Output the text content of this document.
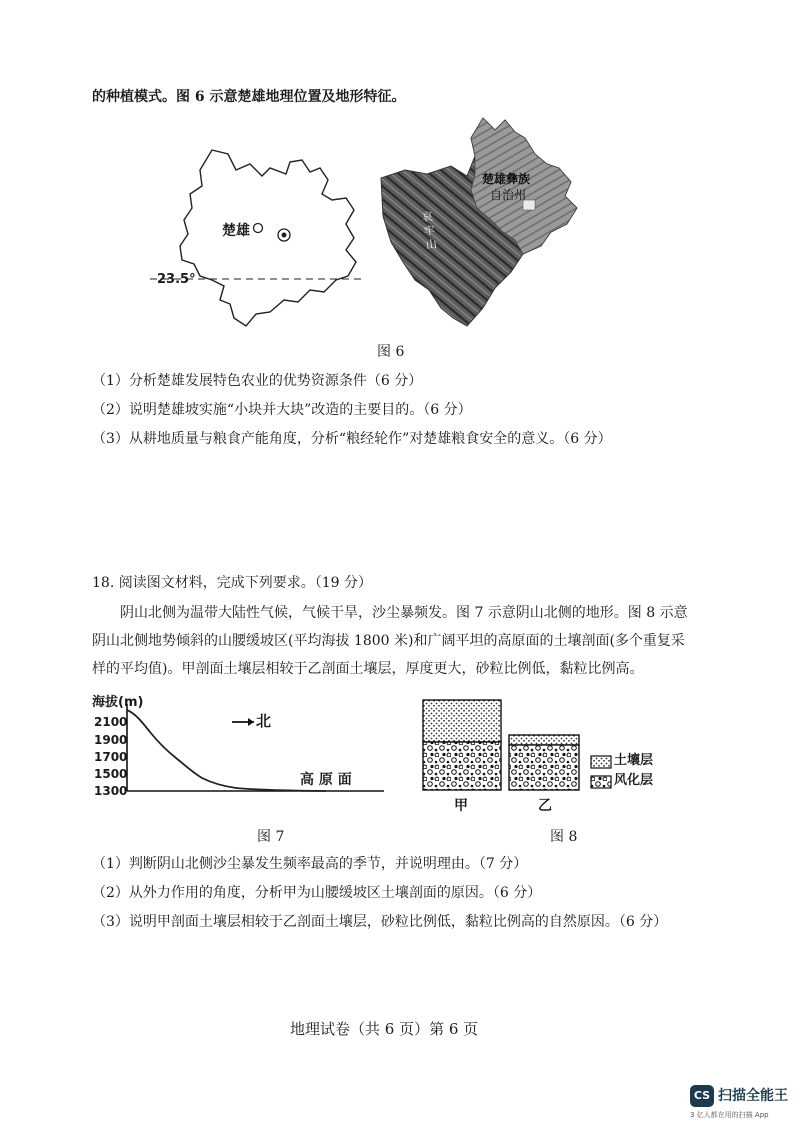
的种植模式。图 6 示意楚雄地理位置及地形特征。
楚雄
23.5°
楚雄彝族
自治州
哀牢山
图 6
（1）分析楚雄发展特色农业的优势资源条件（6 分）
（2）说明楚雄坡实施“小块并大块”改造的主要目的。（6 分）
（3）从耕地质量与粮食产能角度，分析“粮经轮作”对楚雄粮食安全的意义。（6 分）
18. 阅读图文材料，完成下列要求。（19 分）
阴山北侧为温带大陆性气候，气候干旱，沙尘暴频发。图 7 示意阴山北侧的地形。图 8 示意
阴山北侧地势倾斜的山腰缓坡区(平均海拔 1800 米)和广阔平坦的高原面的土壤剖面(多个重复采
样的平均值)。甲剖面土壤层相较于乙剖面土壤层，厚度更大，砂粒比例低，黏粒比例高。
海拔(m)
2100
1900
1700
1500
1300
北
高 原 面
图 7
土壤层
风化层
甲	乙
图 8
（1）判断阴山北侧沙尘暴发生频率最高的季节，并说明理由。（7 分）
（2）从外力作用的角度，分析甲为山腰缓坡区土壤剖面的原因。（6 分）
（3）说明甲剖面土壤层相较于乙剖面土壤层，砂粒比例低，黏粒比例高的自然原因。（6 分）
地理试卷（共 6 页）第 6 页
CS 扫描全能王
3 亿人都在用的扫描 App
